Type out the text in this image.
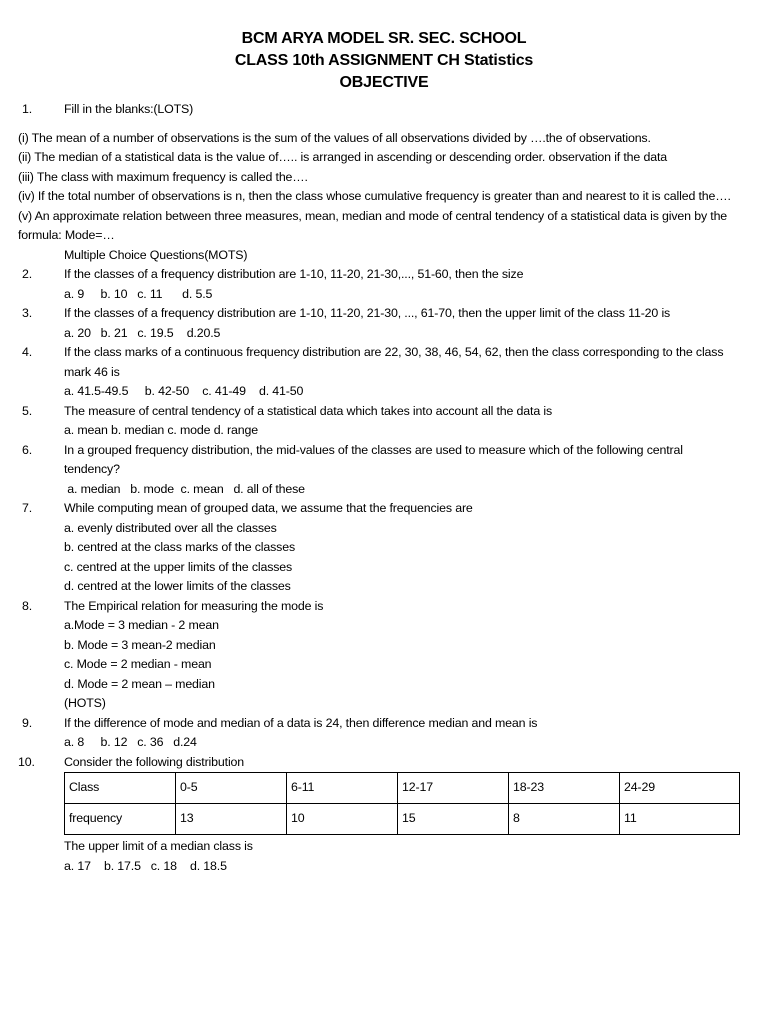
BCM ARYA MODEL SR. SEC. SCHOOL

CLASS 10th ASSIGNMENT CH Statistics

OBJECTIVE

1.	Fill in the blanks:(LOTS)
(i) The mean of a number of observations is the sum of the values of all observations divided by ….the of observations.
(ii) The median of a statistical data is the value of….. is arranged in ascending or descending order. observation if the data
(iii) The class with maximum frequency is called the….
(iv) If the total number of observations is n, then the class whose cumulative frequency is greater than and nearest to it is called the….
(v) An approximate relation between three measures, mean, median and mode of central tendency of a statistical data is given by the formula: Mode=…
Multiple Choice Questions(MOTS)
2.	If the classes of a frequency distribution are 1-10, 11-20, 21-30,..., 51-60, then the size
a. 9     b. 10   c. 11      d. 5.5
3.	If the classes of a frequency distribution are 1-10, 11-20, 21-30, ..., 61-70, then the upper limit of the class 11-20 is
a. 20   b. 21   c. 19.5    d.20.5
4.	If the class marks of a continuous frequency distribution are 22, 30, 38, 46, 54, 62, then the class corresponding to the class mark 46 is
a. 41.5-49.5     b. 42-50    c. 41-49    d. 41-50
5.	The measure of central tendency of a statistical data which takes into account all the data is
a. mean b. median c. mode d. range
6.	In a grouped frequency distribution, the mid-values of the classes are used to measure which of the following central tendency?
a. median   b. mode  c. mean   d. all of these
7.	While computing mean of grouped data, we assume that the frequencies are
a. evenly distributed over all the classes
b. centred at the class marks of the classes
c. centred at the upper limits of the classes
d. centred at the lower limits of the classes
8.	The Empirical relation for measuring the mode is
a.Mode = 3 median - 2 mean
b. Mode = 3 mean-2 median
c. Mode = 2 median - mean
d. Mode = 2 mean – median
(HOTS)
9.	If the difference of mode and median of a data is 24, then difference median and mean is
a. 8     b. 12   c. 36   d.24
10.	Consider the following distribution
Class	0-5	6-11	12-17	18-23	24-29
frequency	13	10	15	8	11
The upper limit of a median class is
a. 17    b. 17.5   c. 18    d. 18.5
